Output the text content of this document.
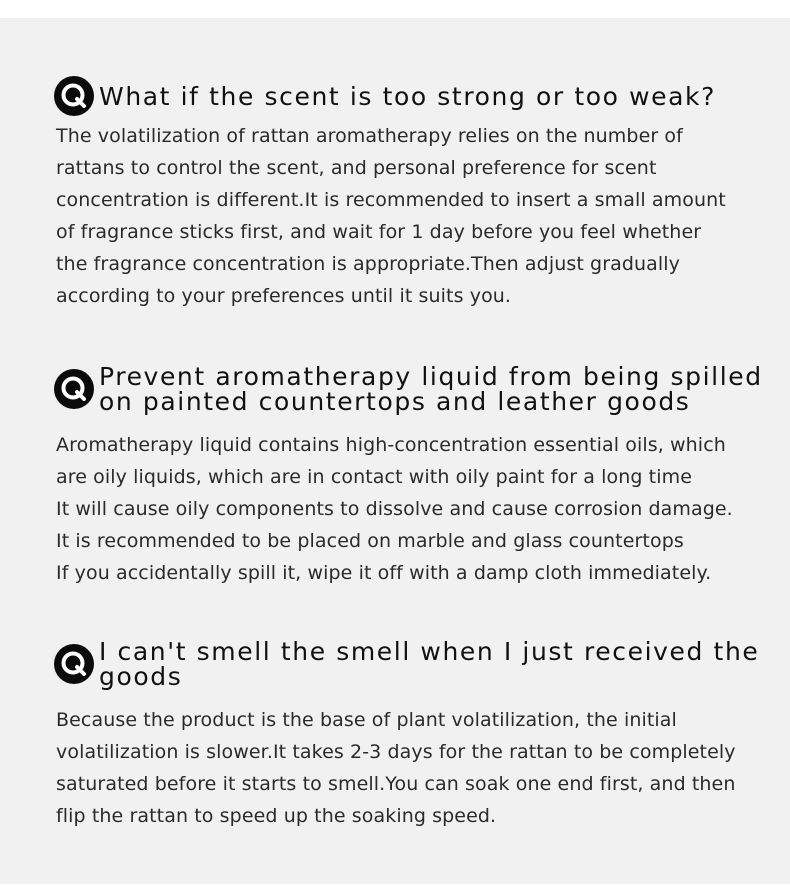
What if the scent is too strong or too weak?

The volatilization of rattan aromatherapy relies on the number of
rattans to control the scent, and personal preference for scent
concentration is different.It is recommended to insert a small amount
of fragrance sticks first, and wait for 1 day before you feel whether
the fragrance concentration is appropriate.Then adjust gradually
according to your preferences until it suits you.

Prevent aromatherapy liquid from being spilled
on painted countertops and leather goods

Aromatherapy liquid contains high-concentration essential oils, which
are oily liquids, which are in contact with oily paint for a long time
It will cause oily components to dissolve and cause corrosion damage.
It is recommended to be placed on marble and glass countertops
If you accidentally spill it, wipe it off with a damp cloth immediately.

I can't smell the smell when I just received the
goods

Because the product is the base of plant volatilization, the initial
volatilization is slower.It takes 2-3 days for the rattan to be completely
saturated before it starts to smell.You can soak one end first, and then
flip the rattan to speed up the soaking speed.
